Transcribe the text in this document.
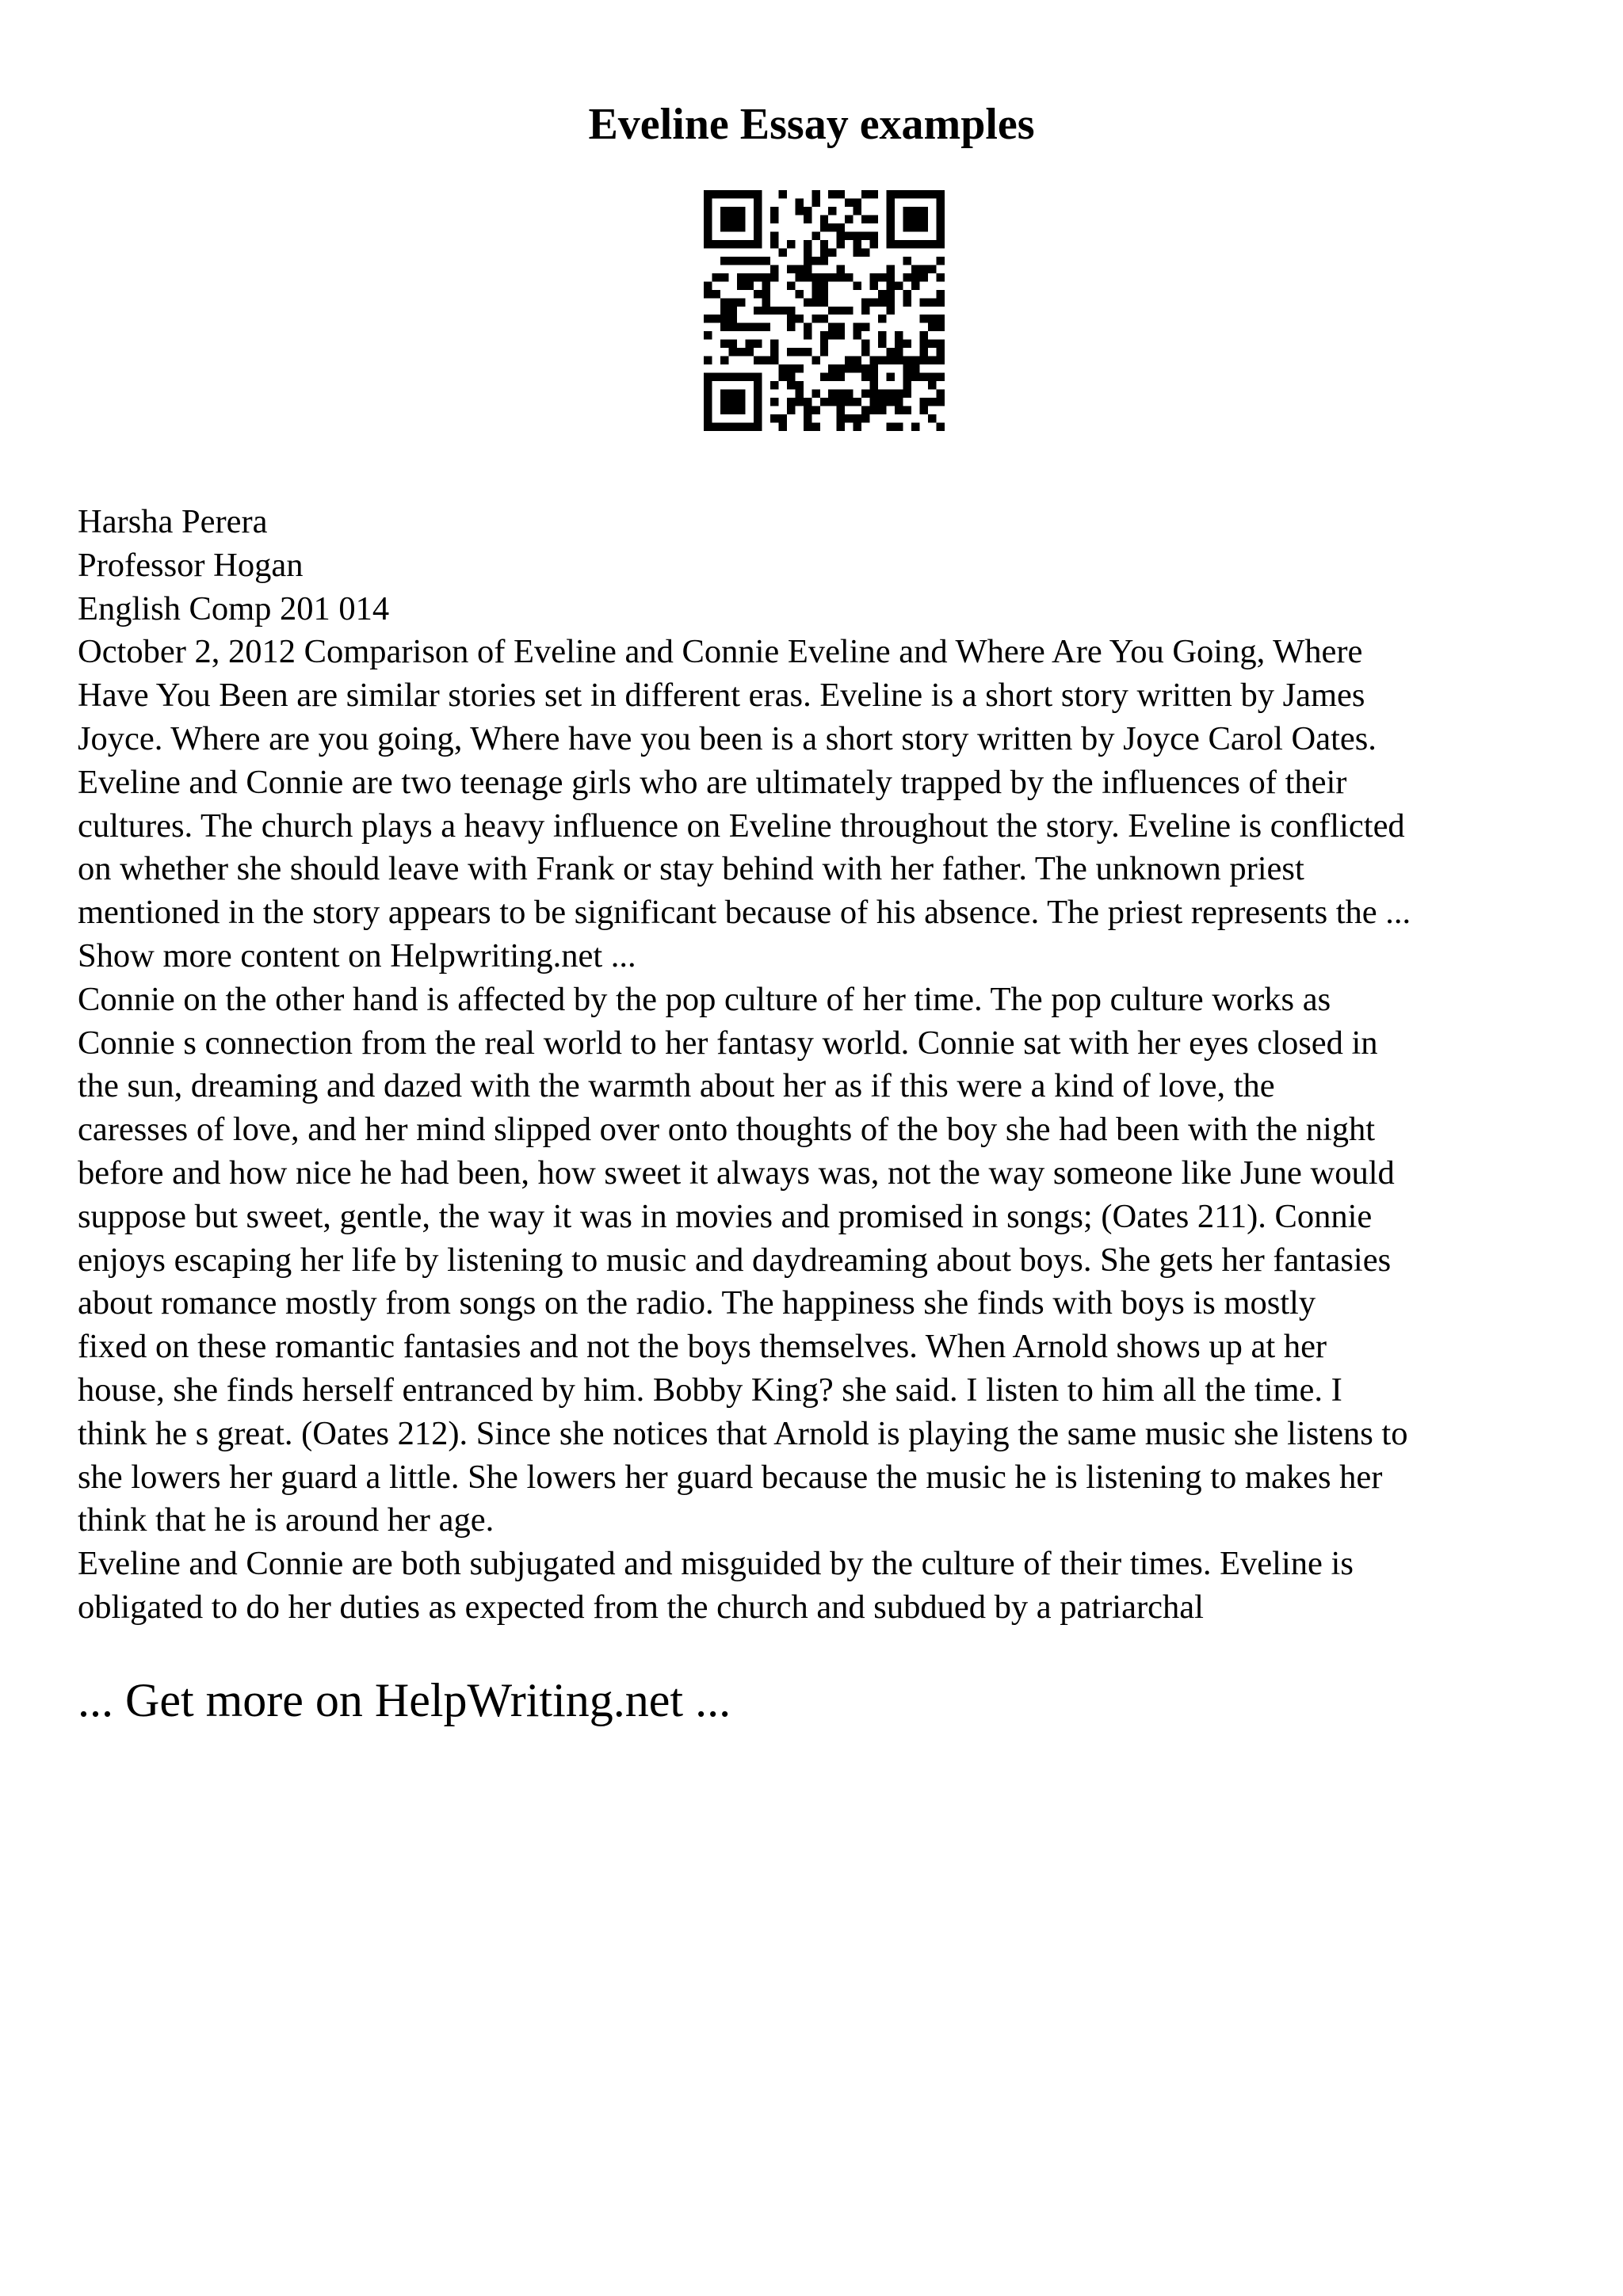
Eveline Essay examples
Harsha Perera
Professor Hogan
English Comp 201 014
October 2, 2012 Comparison of Eveline and Connie Eveline and Where Are You Going, Where
Have You Been are similar stories set in different eras. Eveline is a short story written by James
Joyce. Where are you going, Where have you been is a short story written by Joyce Carol Oates.
Eveline and Connie are two teenage girls who are ultimately trapped by the influences of their
cultures. The church plays a heavy influence on Eveline throughout the story. Eveline is conflicted
on whether she should leave with Frank or stay behind with her father. The unknown priest
mentioned in the story appears to be significant because of his absence. The priest represents the ...
Show more content on Helpwriting.net ...
Connie on the other hand is affected by the pop culture of her time. The pop culture works as
Connie s connection from the real world to her fantasy world. Connie sat with her eyes closed in
the sun, dreaming and dazed with the warmth about her as if this were a kind of love, the
caresses of love, and her mind slipped over onto thoughts of the boy she had been with the night
before and how nice he had been, how sweet it always was, not the way someone like June would
suppose but sweet, gentle, the way it was in movies and promised in songs; (Oates 211). Connie
enjoys escaping her life by listening to music and daydreaming about boys. She gets her fantasies
about romance mostly from songs on the radio. The happiness she finds with boys is mostly
fixed on these romantic fantasies and not the boys themselves. When Arnold shows up at her
house, she finds herself entranced by him. Bobby King? she said. I listen to him all the time. I
think he s great. (Oates 212). Since she notices that Arnold is playing the same music she listens to
she lowers her guard a little. She lowers her guard because the music he is listening to makes her
think that he is around her age.
Eveline and Connie are both subjugated and misguided by the culture of their times. Eveline is
obligated to do her duties as expected from the church and subdued by a patriarchal
... Get more on HelpWriting.net ...
